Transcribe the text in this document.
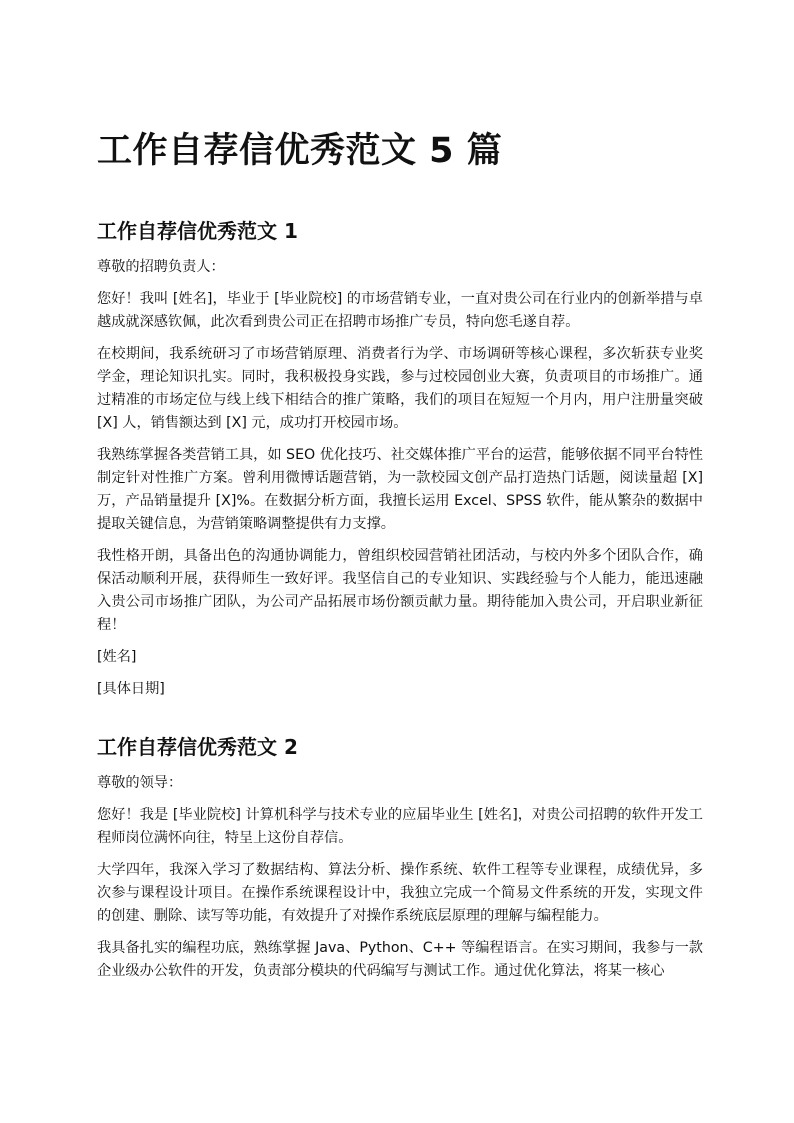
工作自荐信优秀范文 5 篇
工作自荐信优秀范文 1

尊敬的招聘负责人：

您好！我叫 [姓名]，毕业于 [毕业院校] 的市场营销专业，一直对贵公司在行业内的创新举措与卓越成就深感钦佩，此次看到贵公司正在招聘市场推广专员，特向您毛遂自荐。

在校期间，我系统研习了市场营销原理、消费者行为学、市场调研等核心课程，多次斩获专业奖学金，理论知识扎实。同时，我积极投身实践，参与过校园创业大赛，负责项目的市场推广。通过精准的市场定位与线上线下相结合的推广策略，我们的项目在短短一个月内，用户注册量突破 [X] 人，销售额达到 [X] 元，成功打开校园市场。

我熟练掌握各类营销工具，如 SEO 优化技巧、社交媒体推广平台的运营，能够依据不同平台特性制定针对性推广方案。曾利用微博话题营销，为一款校园文创产品打造热门话题，阅读量超 [X] 万，产品销量提升 [X]%。在数据分析方面，我擅长运用 Excel、SPSS 软件，能从繁杂的数据中提取关键信息，为营销策略调整提供有力支撑。

我性格开朗，具备出色的沟通协调能力，曾组织校园营销社团活动，与校内外多个团队合作，确保活动顺利开展，获得师生一致好评。我坚信自己的专业知识、实践经验与个人能力，能迅速融入贵公司市场推广团队，为公司产品拓展市场份额贡献力量。期待能加入贵公司，开启职业新征程！

[姓名]

[具体日期]

工作自荐信优秀范文 2

尊敬的领导：

您好！我是 [毕业院校] 计算机科学与技术专业的应届毕业生 [姓名]，对贵公司招聘的软件开发工程师岗位满怀向往，特呈上这份自荐信。

大学四年，我深入学习了数据结构、算法分析、操作系统、软件工程等专业课程，成绩优异，多次参与课程设计项目。在操作系统课程设计中，我独立完成一个简易文件系统的开发，实现文件的创建、删除、读写等功能，有效提升了对操作系统底层原理的理解与编程能力。

我具备扎实的编程功底，熟练掌握 Java、Python、C++ 等编程语言。在实习期间，我参与一款企业级办公软件的开发，负责部分模块的代码编写与测试工作。通过优化算法，将某一核心
